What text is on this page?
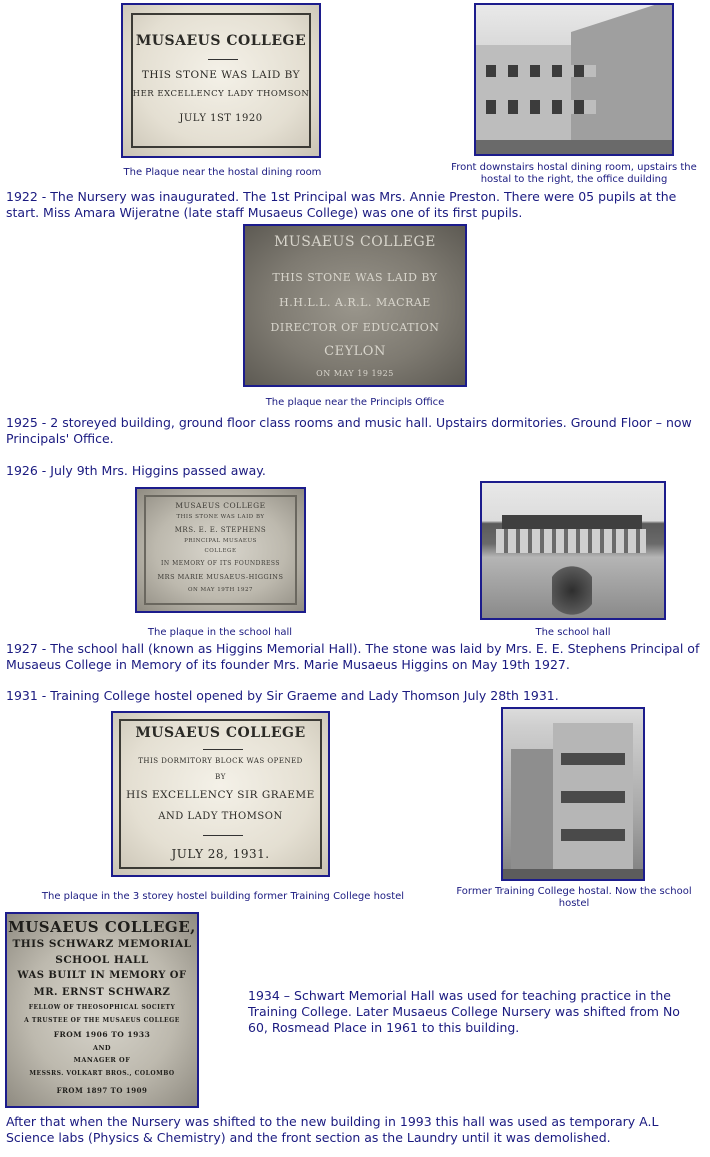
MUSAEUS COLLEGE
THIS STONE WAS LAID BY
HER EXCELLENCY LADY THOMSON
JULY 1ST 1920
The Plaque near the hostal dining room	Front downstairs hostal dining room, upstairs the hostal to the right, the office duilding
1922 - The Nursery was inaugurated. The 1st Principal was Mrs. Annie Preston. There were 05 pupils at the start. Miss Amara Wijeratne (late staff Musaeus College) was one of its first pupils.
MUSAEUS COLLEGE
THIS STONE WAS LAID BY
H.H.L.L. A.R.L. MACRAE
DIRECTOR OF EDUCATION
CEYLON
ON MAY 19 1925
The plaque near the Principls Office
1925 - 2 storeyed building, ground floor class rooms and music hall. Upstairs dormitories. Ground Floor – now Principals' Office.
1926 - July 9th Mrs. Higgins passed away.
MUSAEUS COLLEGE
THIS STONE WAS LAID BY
MRS. E. E. STEPHENS
PRINCIPAL MUSAEUS
COLLEGE
IN MEMORY OF ITS FOUNDRESS
MRS MARIE MUSAEUS-HIGGINS
ON MAY 19TH 1927
The plaque in the school hall	The school hall
1927 - The school hall (known as Higgins Memorial Hall). The stone was laid by Mrs. E. E. Stephens Principal of Musaeus College in Memory of its founder Mrs. Marie Musaeus Higgins on May 19th 1927.
1931 - Training College hostel opened by Sir Graeme and Lady Thomson July 28th 1931.
MUSAEUS COLLEGE
THIS DORMITORY BLOCK WAS OPENED
BY
HIS EXCELLENCY SIR GRAEME
AND LADY THOMSON
JULY 28, 1931.
The plaque in the 3 storey hostel building former Training College hostel	Former Training College hostal. Now the school hostel
MUSAEUS COLLEGE,
THIS SCHWARZ MEMORIAL
SCHOOL HALL
WAS BUILT IN MEMORY OF
MR. ERNST SCHWARZ
FELLOW OF THEOSOPHICAL SOCIETY
A TRUSTEE OF THE MUSAEUS COLLEGE
FROM 1906 TO 1933
AND
MANAGER OF
MESSRS. VOLKART BROS., COLOMBO
FROM 1897 TO 1909
1934 – Schwart Memorial Hall was used for teaching practice in the Training College. Later Musaeus College Nursery was shifted from No 60, Rosmead Place in 1961 to this building.
After that when the Nursery was shifted to the new building in 1993 this hall was used as temporary A.L Science labs (Physics & Chemistry) and the front section as the Laundry until it was demolished.
